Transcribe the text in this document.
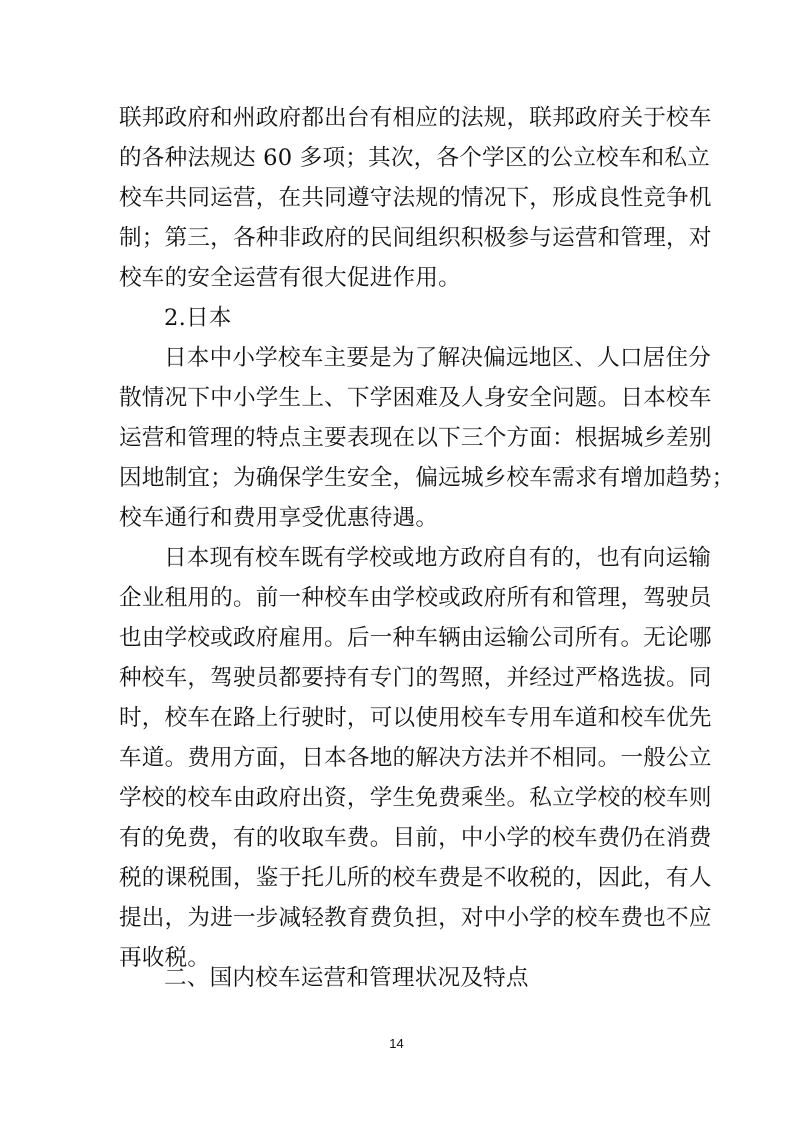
联邦政府和州政府都出台有相应的法规，联邦政府关于校车
的各种法规达 60 多项；其次，各个学区的公立校车和私立
校车共同运营，在共同遵守法规的情况下，形成良性竞争机
制；第三，各种非政府的民间组织积极参与运营和管理，对
校车的安全运营有很大促进作用。
2.日本
日本中小学校车主要是为了解决偏远地区、人口居住分
散情况下中小学生上、下学困难及人身安全问题。日本校车
运营和管理的特点主要表现在以下三个方面：根据城乡差别
因地制宜；为确保学生安全，偏远城乡校车需求有增加趋势；
校车通行和费用享受优惠待遇。
日本现有校车既有学校或地方政府自有的，也有向运输
企业租用的。前一种校车由学校或政府所有和管理，驾驶员
也由学校或政府雇用。后一种车辆由运输公司所有。无论哪
种校车，驾驶员都要持有专门的驾照，并经过严格选拔。同
时，校车在路上行驶时，可以使用校车专用车道和校车优先
车道。费用方面，日本各地的解决方法并不相同。一般公立
学校的校车由政府出资，学生免费乘坐。私立学校的校车则
有的免费，有的收取车费。目前，中小学的校车费仍在消费
税的课税围，鉴于托儿所的校车费是不收税的，因此，有人
提出，为进一步减轻教育费负担，对中小学的校车费也不应
再收税。
二、国内校车运营和管理状况及特点
14
